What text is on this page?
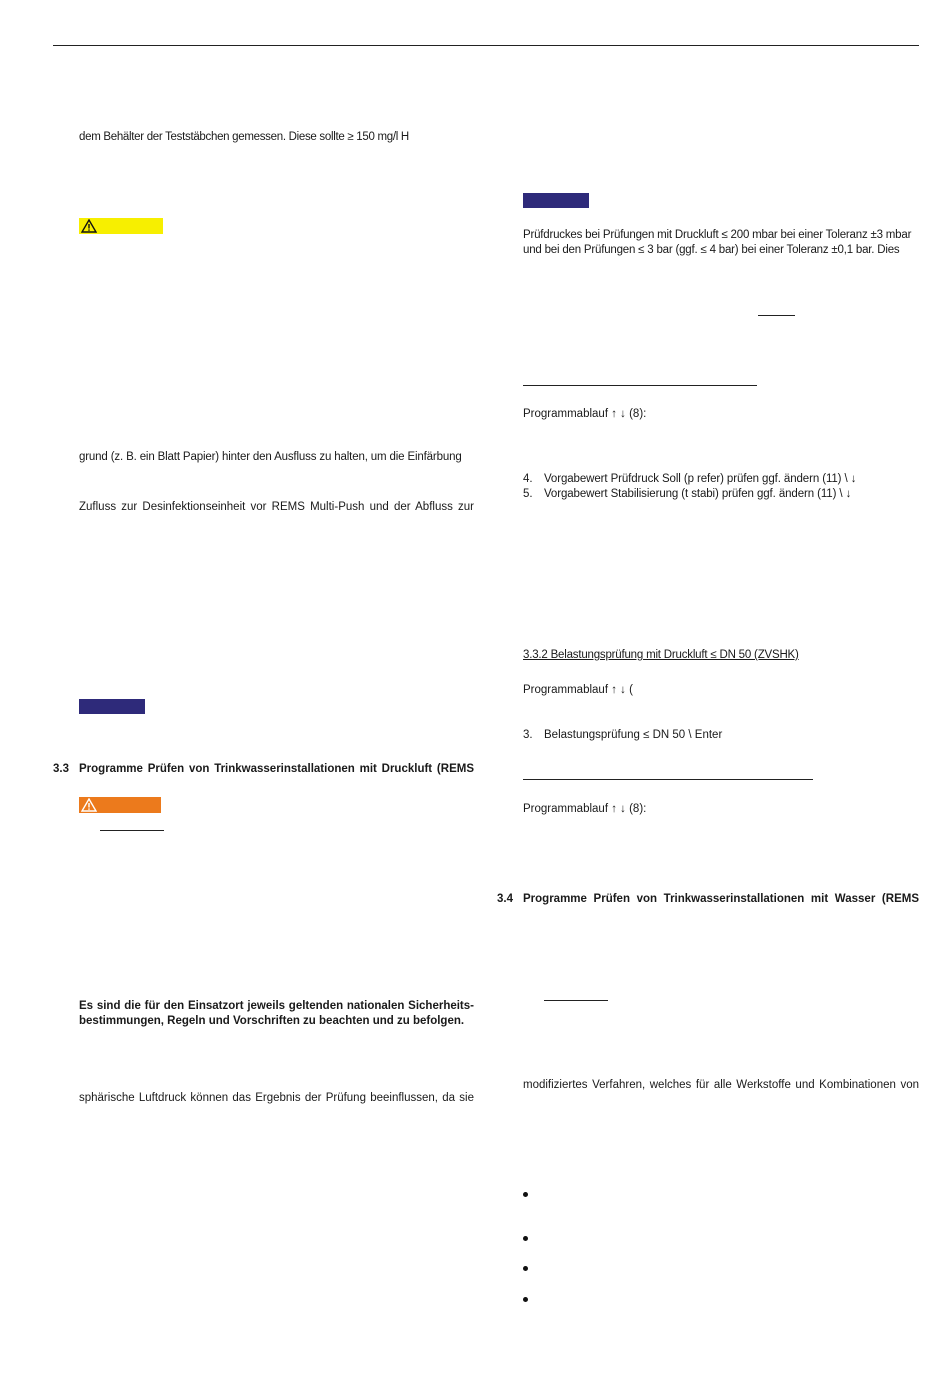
dem Behälter der Teststäbchen gemessen. Diese sollte ≥ 150 mg/l H
grund (z. B. ein Blatt Papier) hinter den Ausfluss zu halten, um die Einfärbung
Zufluss zur Desinfektionseinheit vor REMS Multi-Push und der Abfluss zur
3.3 Programme Prüfen von Trinkwasserinstallationen mit Druckluft (REMS
Es sind die für den Einsatzort jeweils geltenden nationalen Sicherheits-
bestimmungen, Regeln und Vorschriften zu beachten und zu befolgen.
sphärische Luftdruck können das Ergebnis der Prüfung beeinflussen, da sie
Prüfdruckes bei Prüfungen mit Druckluft ≤ 200 mbar bei einer Toleranz ±3 mbar
und bei den Prüfungen ≤ 3 bar (ggf. ≤ 4 bar) bei einer Toleranz ±0,1 bar. Dies
Programmablauf ↑ ↓ (8):
4. Vorgabewert Prüfdruck Soll (p refer) prüfen ggf. ändern (11) \ ↓
5. Vorgabewert Stabilisierung (t stabi) prüfen ggf. ändern (11) \ ↓
3.3.2 Belastungsprüfung mit Druckluft ≤ DN 50 (ZVSHK)
Programmablauf ↑ ↓ (
3. Belastungsprüfung ≤ DN 50 \ Enter
Programmablauf ↑ ↓ (8):
3.4 Programme Prüfen von Trinkwasserinstallationen mit Wasser (REMS
modifiziertes Verfahren, welches für alle Werkstoffe und Kombinationen von
